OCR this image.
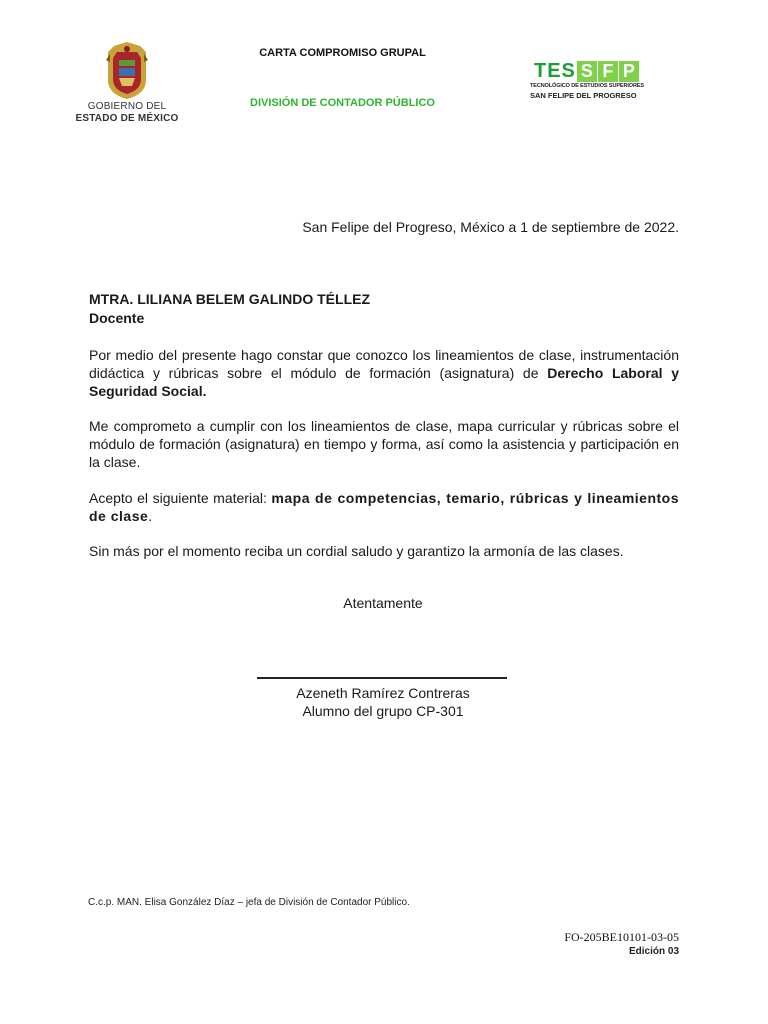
GOBIERNO DEL
ESTADO DE MÉXICO
CARTA COMPROMISO GRUPAL
DIVISIÓN DE CONTADOR PÚBLICO
TES S F P
TECNOLÓGICO DE ESTUDIOS SUPERIORES
SAN FELIPE DEL PROGRESO
San Felipe del Progreso, México a 1 de septiembre de 2022.
MTRA. LILIANA BELEM GALINDO TÉLLEZ
Docente
Por medio del presente hago constar que conozco los lineamientos de clase, instrumentación didáctica y rúbricas sobre el módulo de formación (asignatura) de Derecho Laboral y Seguridad Social.
Me comprometo a cumplir con los lineamientos de clase, mapa curricular y rúbricas sobre el módulo de formación (asignatura) en tiempo y forma, así como la asistencia y participación en la clase.
Acepto el siguiente material: mapa de competencias, temario, rúbricas y lineamientos de clase.
Sin más por el momento reciba un cordial saludo y garantizo la armonía de las clases.
Atentamente
Azeneth Ramírez Contreras
Alumno del grupo CP-301
C.c.p. MAN. Elisa González Díaz – jefa de División de Contador Público.
FO-205BE10101-03-05
Edición 03
